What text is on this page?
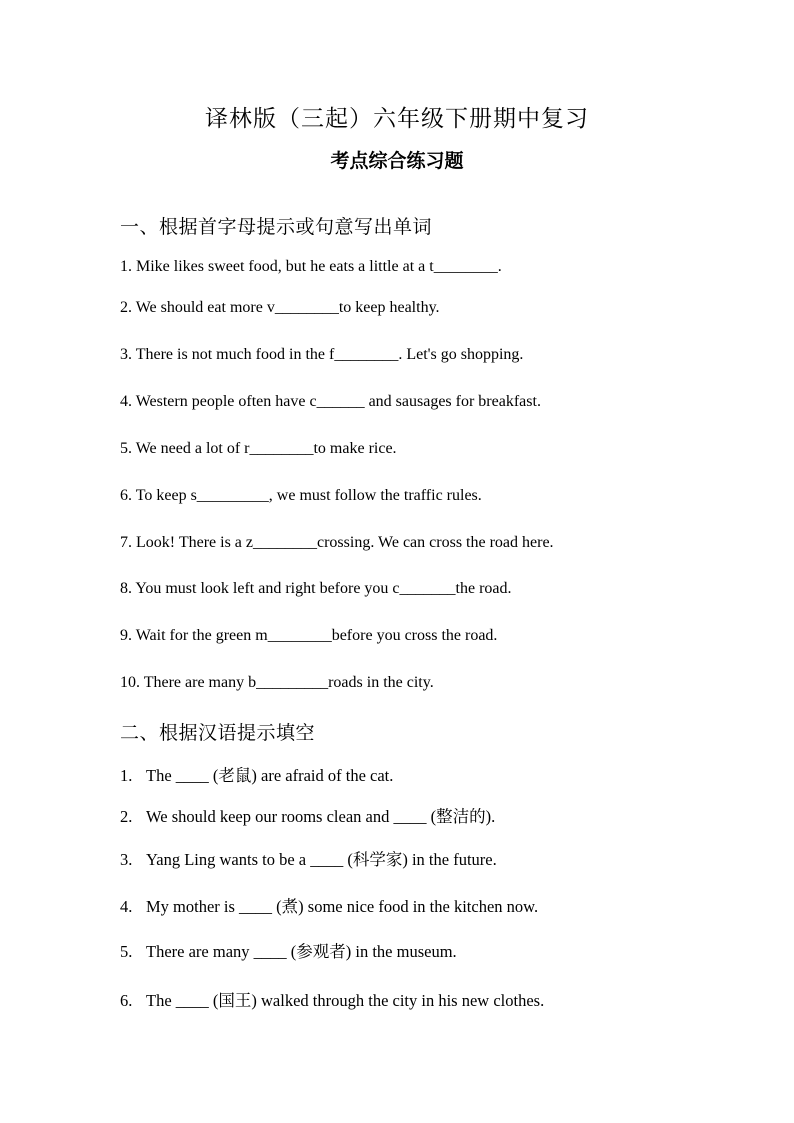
译林版（三起）六年级下册期中复习
考点综合练习题
一、根据首字母提示或句意写出单词
1. Mike likes sweet food, but he eats a little at a t________.
2. We should eat more v________to keep healthy.
3. There is not much food in the f________. Let's go shopping.
4. Western people often have c______ and sausages for breakfast.
5. We need a lot of r________to make rice.
6. To keep s_________, we must follow the traffic rules.
7. Look! There is a z________crossing. We can cross the road here.
8. You must look left and right before you c_______the road.
9. Wait for the green m________before you cross the road.
10. There are many b_________roads in the city.
二、根据汉语提示填空
1. The ____ (老鼠) are afraid of the cat.
2. We should keep our rooms clean and ____ (整洁的).
3. Yang Ling wants to be a ____ (科学家) in the future.
4. My mother is ____ (煮) some nice food in the kitchen now.
5. There are many ____ (参观者) in the museum.
6. The ____ (国王) walked through the city in his new clothes.
